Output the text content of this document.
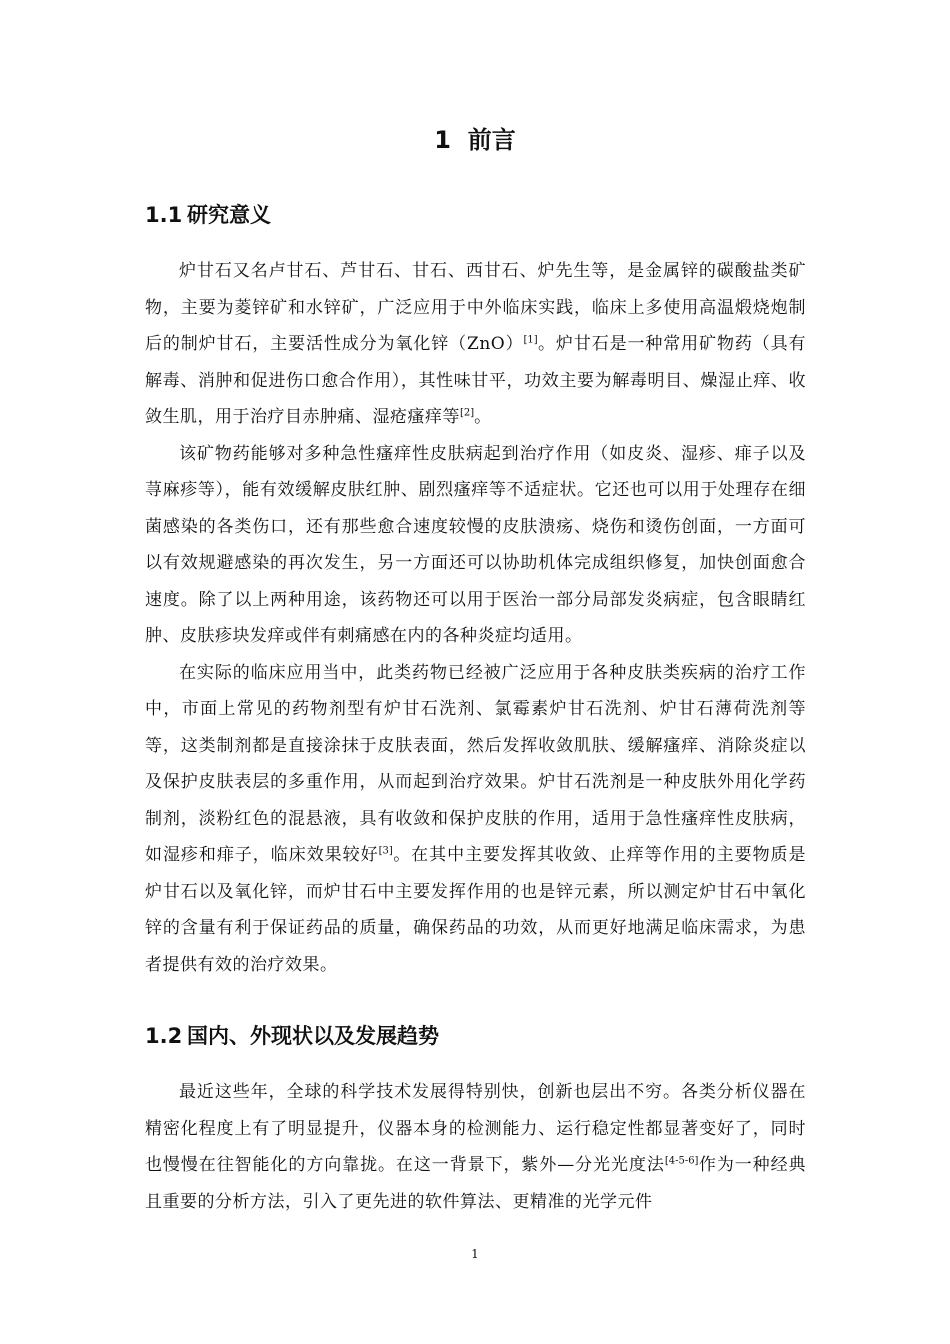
1 前言
1.1 研究意义

炉甘石又名卢甘石、芦甘石、甘石、西甘石、炉先生等，是金属锌的碳酸盐类矿物，主要为菱锌矿和水锌矿，广泛应用于中外临床实践，临床上多使用高温煅烧炮制后的制炉甘石，主要活性成分为氧化锌（ZnO）[1]。炉甘石是一种常用矿物药（具有解毒、消肿和促进伤口愈合作用），其性味甘平，功效主要为解毒明目、燥湿止痒、收敛生肌，用于治疗目赤肿痛、湿疮瘙痒等[2]。

该矿物药能够对多种急性瘙痒性皮肤病起到治疗作用（如皮炎、湿疹、痱子以及荨麻疹等），能有效缓解皮肤红肿、剧烈瘙痒等不适症状。它还也可以用于处理存在细菌感染的各类伤口，还有那些愈合速度较慢的皮肤溃疡、烧伤和烫伤创面，一方面可以有效规避感染的再次发生，另一方面还可以协助机体完成组织修复，加快创面愈合速度。除了以上两种用途，该药物还可以用于医治一部分局部发炎病症，包含眼睛红肿、皮肤疹块发痒或伴有刺痛感在内的各种炎症均适用。

在实际的临床应用当中，此类药物已经被广泛应用于各种皮肤类疾病的治疗工作中，市面上常见的药物剂型有炉甘石洗剂、氯霉素炉甘石洗剂、炉甘石薄荷洗剂等等，这类制剂都是直接涂抹于皮肤表面，然后发挥收敛肌肤、缓解瘙痒、消除炎症以及保护皮肤表层的多重作用，从而起到治疗效果。炉甘石洗剂是一种皮肤外用化学药制剂，淡粉红色的混悬液，具有收敛和保护皮肤的作用，适用于急性瘙痒性皮肤病，如湿疹和痱子，临床效果较好[3]。在其中主要发挥其收敛、止痒等作用的主要物质是炉甘石以及氧化锌，而炉甘石中主要发挥作用的也是锌元素，所以测定炉甘石中氧化锌的含量有利于保证药品的质量，确保药品的功效，从而更好地满足临床需求，为患者提供有效的治疗效果。

1.2 国内、外现状以及发展趋势

最近这些年，全球的科学技术发展得特别快，创新也层出不穷。各类分析仪器在精密化程度上有了明显提升，仪器本身的检测能力、运行稳定性都显著变好了，同时也慢慢在往智能化的方向靠拢。在这一背景下，紫外—分光光度法[4-5-6]作为一种经典且重要的分析方法，引入了更先进的软件算法、更精准的光学元件

1
